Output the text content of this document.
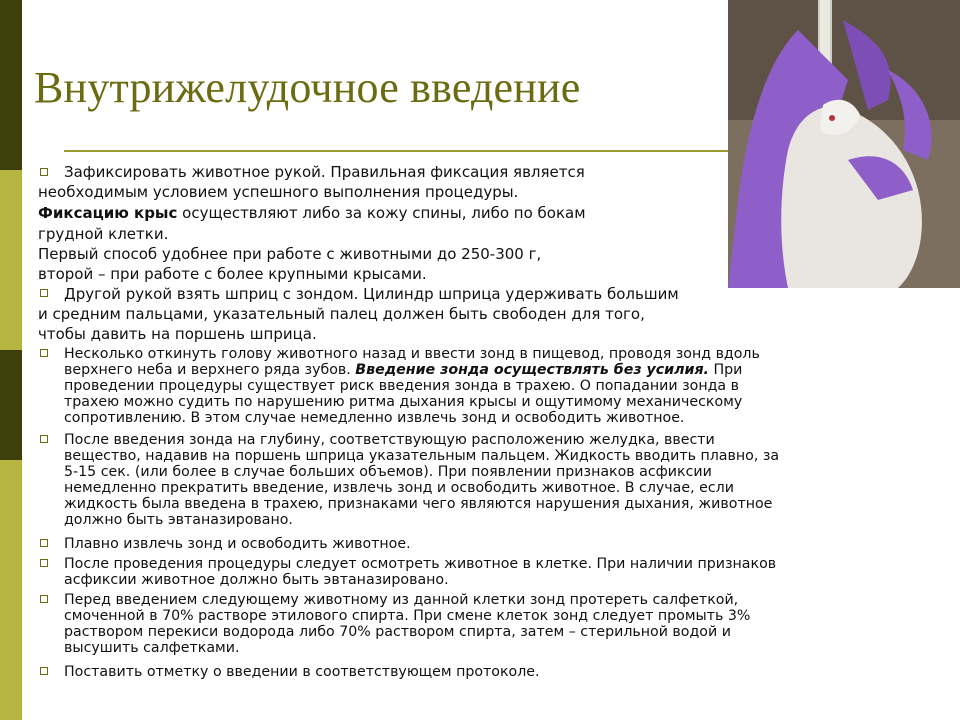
Внутрижелудочное введение

Зафиксировать животное рукой. Правильная фиксация является

необходимым условием успешного выполнения процедуры.

Фиксацию крыс осуществляют либо за кожу спины, либо по бокам

грудной клетки.

Первый способ удобнее при работе с животными до 250-300 г,

второй – при работе с более крупными крысами.

Другой рукой взять шприц с зондом. Цилиндр шприца удерживать большим

и средним пальцами, указательный палец должен быть свободен для того,

чтобы давить на поршень шприца.

Несколько откинуть голову животного назад и ввести зонд в пищевод, проводя зонд вдоль

верхнего неба и верхнего ряда зубов. Введение зонда осуществлять без усилия. При

проведении процедуры существует риск введения зонда в трахею. О попадании зонда в

трахею можно судить по нарушению ритма дыхания крысы и ощутимому механическому

сопротивлению. В этом случае немедленно извлечь зонд и освободить животное.

После введения зонда на глубину, соответствующую расположению желудка, ввести

вещество, надавив на поршень шприца указательным пальцем. Жидкость вводить плавно, за

5-15 сек. (или более в случае больших объемов). При появлении признаков асфиксии

немедленно прекратить введение, извлечь зонд и освободить животное. В случае, если

жидкость была введена в трахею, признаками чего являются нарушения дыхания, животное

должно быть эвтаназировано.

Плавно извлечь зонд и освободить животное.

После проведения процедуры следует осмотреть животное в клетке. При наличии признаков

асфиксии животное должно быть эвтаназировано.

Перед введением следующему животному из данной клетки зонд протереть салфеткой,

смоченной в 70% растворе этилового спирта. При смене клеток зонд следует промыть 3%

раствором перекиси водорода либо 70% раствором спирта, затем – стерильной водой и

высушить салфетками.

Поставить отметку о введении в соответствующем протоколе.
